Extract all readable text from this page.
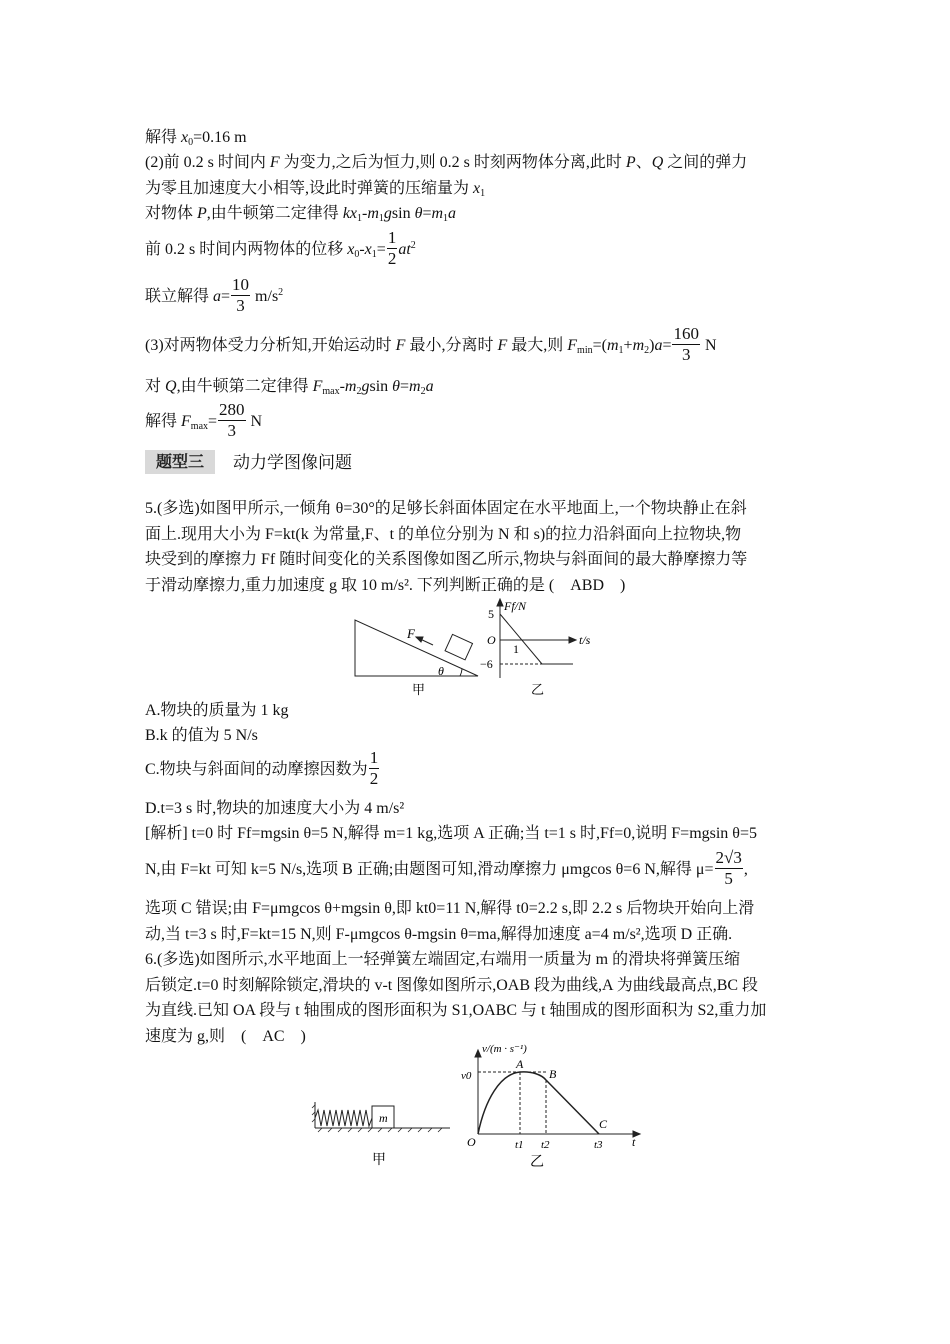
解得 $x_0=0.16$ m
(2)前 0.2 s 时间内 F 为变力,之后为恒力,则 0.2 s 时刻两物体分离,此时 P、Q 之间的弹力
为零且加速度大小相等,设此时弹簧的压缩量为 $x_1$
对物体 P,由牛顿第二定律得 $kx_1-m_1gsin$ $\theta=m_1a$
前 0.2 s 时间内两物体的位移 $x_0-x_1= \frac{1}{2} at^2$
联立解得 $a= \frac{10}{3} m/s^2$
(3)对两物体受力分析知,开始运动时 F 最小,分离时 F 最大,则 $F_{min}=(m_1+m_2)a= \frac{160}{3}$ N
对 Q,由牛顿第二定律得 $F_{max}-m_2gsin$ $\theta=m_2a$
解得 $F_{max}= \frac{280}{3}$ N
题型三	动力学图像问题
5.(多选)如图甲所示,一倾角 θ=30°的足够长斜面体固定在水平地面上,一个物块静止在斜
面上.现用大小为 F=kt(k 为常量,F、t 的单位分别为 N 和 s)的拉力沿斜面向上拉物块,物
块受到的摩擦力 Ff 随时间变化的关系图像如图乙所示,物块与斜面间的最大静摩擦力等
于滑动摩擦力,重力加速度 g 取 10 m/s². 下列判断正确的是 (　ABD　)
F
θ
甲
Ff/N
t/s
5
O
−6
1
乙
A.物块的质量为 1 kg
B.k 的值为 5 N/s
C.物块与斜面间的动摩擦因数为 $\frac{1}{2}$
D.t=3 s 时,物块的加速度大小为 4 m/s²
[解析] t=0 时 Ff=mgsin θ=5 N,解得 m=1 kg,选项 A 正确;当 t=1 s 时,Ff=0,说明 F=mgsin θ=5
N,由 F=kt 可知 k=5 N/s,选项 B 正确;由题图可知,滑动摩擦力 μmgcos θ=6 N,解得 $\mu= \frac{2√3}{5}$ ,
选项 C 错误;由 F=μmgcos θ+mgsin θ,即 kt0=11 N,解得 t0=2.2 s,即 2.2 s 后物块开始向上滑
动,当 t=3 s 时,F=kt=15 N,则 F-μmgcos θ-mgsin θ=ma,解得加速度 a=4 m/s²,选项 D 正确.
6.(多选)如图所示,水平地面上一轻弹簧左端固定,右端用一质量为 m 的滑块将弹簧压缩
后锁定.t=0 时刻解除锁定,滑块的 v-t 图像如图所示,OAB 段为曲线,A 为曲线最高点,BC 段
为直线.已知 OA 段与 t 轴围成的图形面积为 S1,OABC 与 t 轴围成的图形面积为 S2,重力加
速度为 g,则　(　AC　)
m
甲
v/(m · s⁻¹)
v0
A
B
C
O	t1 t2	t3 t
乙
